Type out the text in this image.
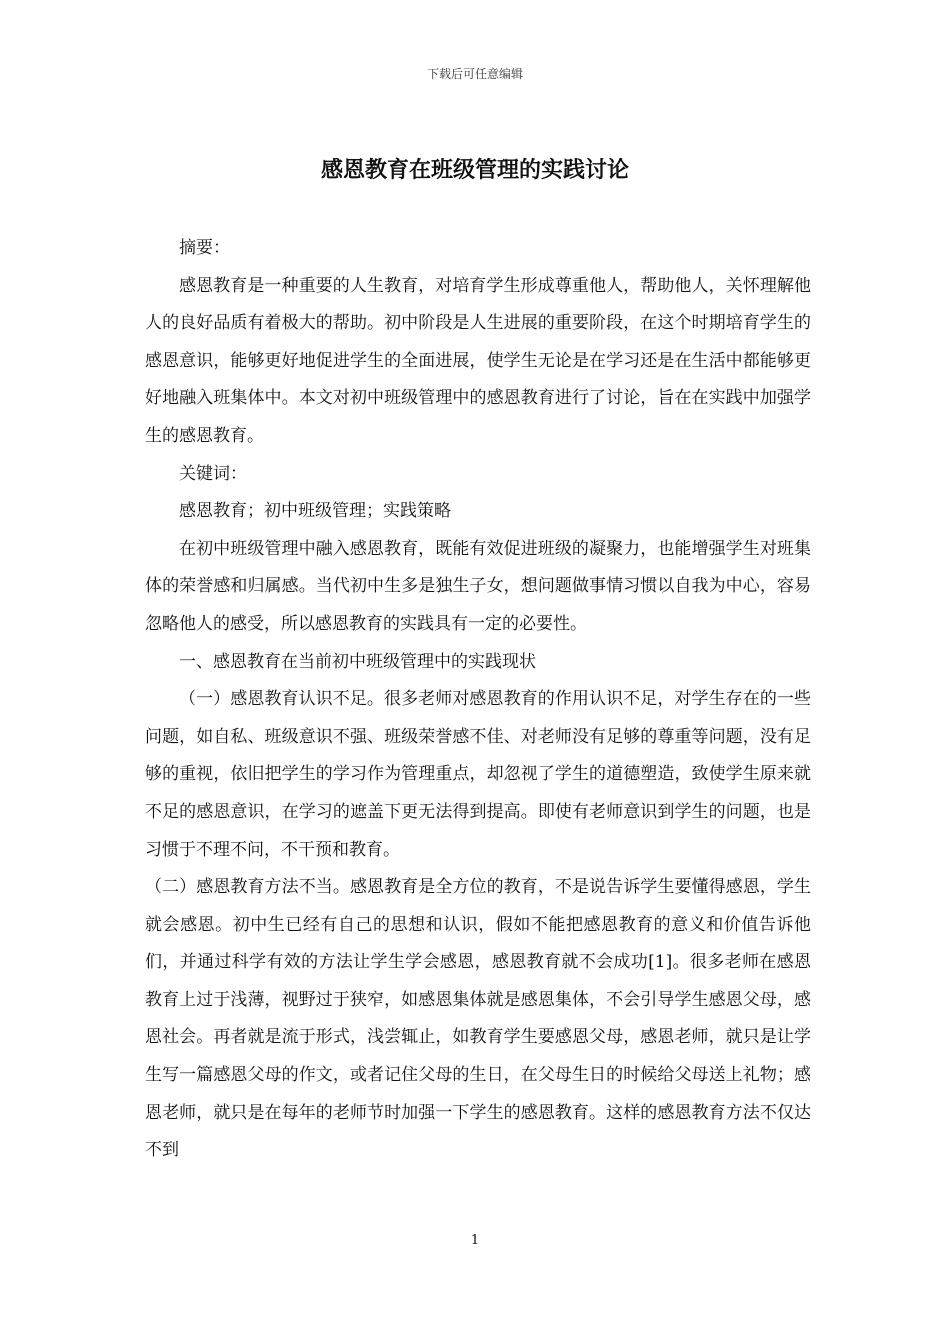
下载后可任意编辑
感恩教育在班级管理的实践讨论

摘要：

感恩教育是一种重要的人生教育，对培育学生形成尊重他人，帮助他人，关怀理解他人的良好品质有着极大的帮助。初中阶段是人生进展的重要阶段，在这个时期培育学生的感恩意识，能够更好地促进学生的全面进展，使学生无论是在学习还是在生活中都能够更好地融入班集体中。本文对初中班级管理中的感恩教育进行了讨论，旨在在实践中加强学生的感恩教育。

关键词：

感恩教育；初中班级管理；实践策略

在初中班级管理中融入感恩教育，既能有效促进班级的凝聚力，也能增强学生对班集体的荣誉感和归属感。当代初中生多是独生子女，想问题做事情习惯以自我为中心，容易忽略他人的感受，所以感恩教育的实践具有一定的必要性。

一、感恩教育在当前初中班级管理中的实践现状

（一）感恩教育认识不足。很多老师对感恩教育的作用认识不足，对学生存在的一些问题，如自私、班级意识不强、班级荣誉感不佳、对老师没有足够的尊重等问题，没有足够的重视，依旧把学生的学习作为管理重点，却忽视了学生的道德塑造，致使学生原来就不足的感恩意识，在学习的遮盖下更无法得到提高。即使有老师意识到学生的问题，也是习惯于不理不问，不干预和教育。

（二）感恩教育方法不当。感恩教育是全方位的教育，不是说告诉学生要懂得感恩，学生就会感恩。初中生已经有自己的思想和认识，假如不能把感恩教育的意义和价值告诉他们，并通过科学有效的方法让学生学会感恩，感恩教育就不会成功[1]。很多老师在感恩教育上过于浅薄，视野过于狭窄，如感恩集体就是感恩集体，不会引导学生感恩父母，感恩社会。再者就是流于形式，浅尝辄止，如教育学生要感恩父母，感恩老师，就只是让学生写一篇感恩父母的作文，或者记住父母的生日，在父母生日的时候给父母送上礼物；感恩老师，就只是在每年的老师节时加强一下学生的感恩教育。这样的感恩教育方法不仅达不到

1
